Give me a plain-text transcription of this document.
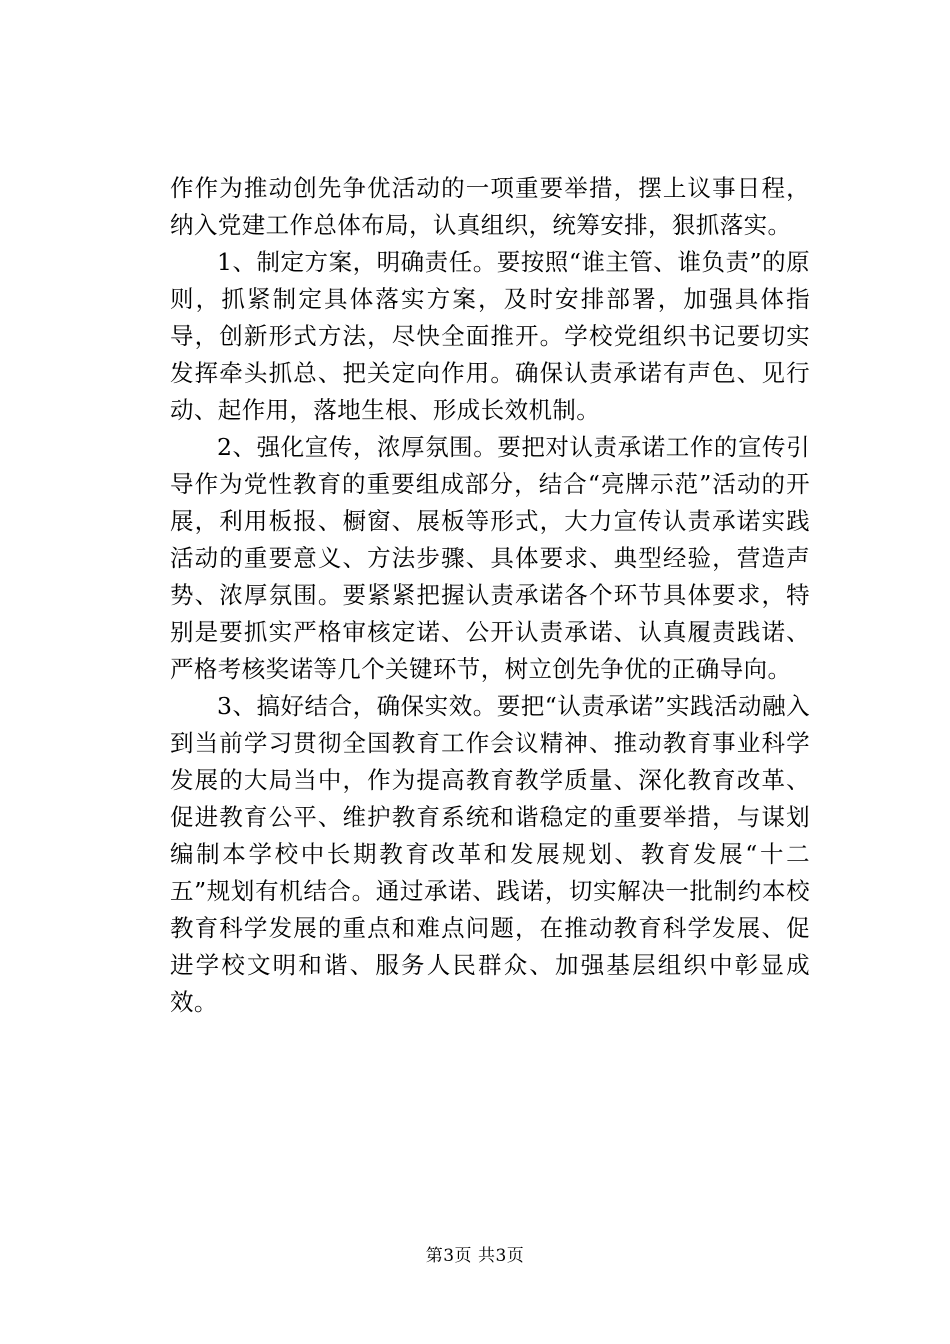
作作为推动创先争优活动的一项重要举措，摆上议事日程，纳入党建工作总体布局，认真组织，统筹安排，狠抓落实。

1、制定方案，明确责任。要按照“谁主管、谁负责”的原则，抓紧制定具体落实方案，及时安排部署，加强具体指导，创新形式方法，尽快全面推开。学校党组织书记要切实发挥牵头抓总、把关定向作用。确保认责承诺有声色、见行动、起作用，落地生根、形成长效机制。

2、强化宣传，浓厚氛围。要把对认责承诺工作的宣传引导作为党性教育的重要组成部分，结合“亮牌示范”活动的开展，利用板报、橱窗、展板等形式，大力宣传认责承诺实践活动的重要意义、方法步骤、具体要求、典型经验，营造声势、浓厚氛围。要紧紧把握认责承诺各个环节具体要求，特别是要抓实严格审核定诺、公开认责承诺、认真履责践诺、严格考核奖诺等几个关键环节，树立创先争优的正确导向。

3、搞好结合，确保实效。要把“认责承诺”实践活动融入到当前学习贯彻全国教育工作会议精神、推动教育事业科学发展的大局当中，作为提高教育教学质量、深化教育改革、促进教育公平、维护教育系统和谐稳定的重要举措，与谋划编制本学校中长期教育改革和发展规划、教育发展“十二五”规划有机结合。通过承诺、践诺，切实解决一批制约本校教育科学发展的重点和难点问题，在推动教育科学发展、促进学校文明和谐、服务人民群众、加强基层组织中彰显成效。

第3页 共3页
